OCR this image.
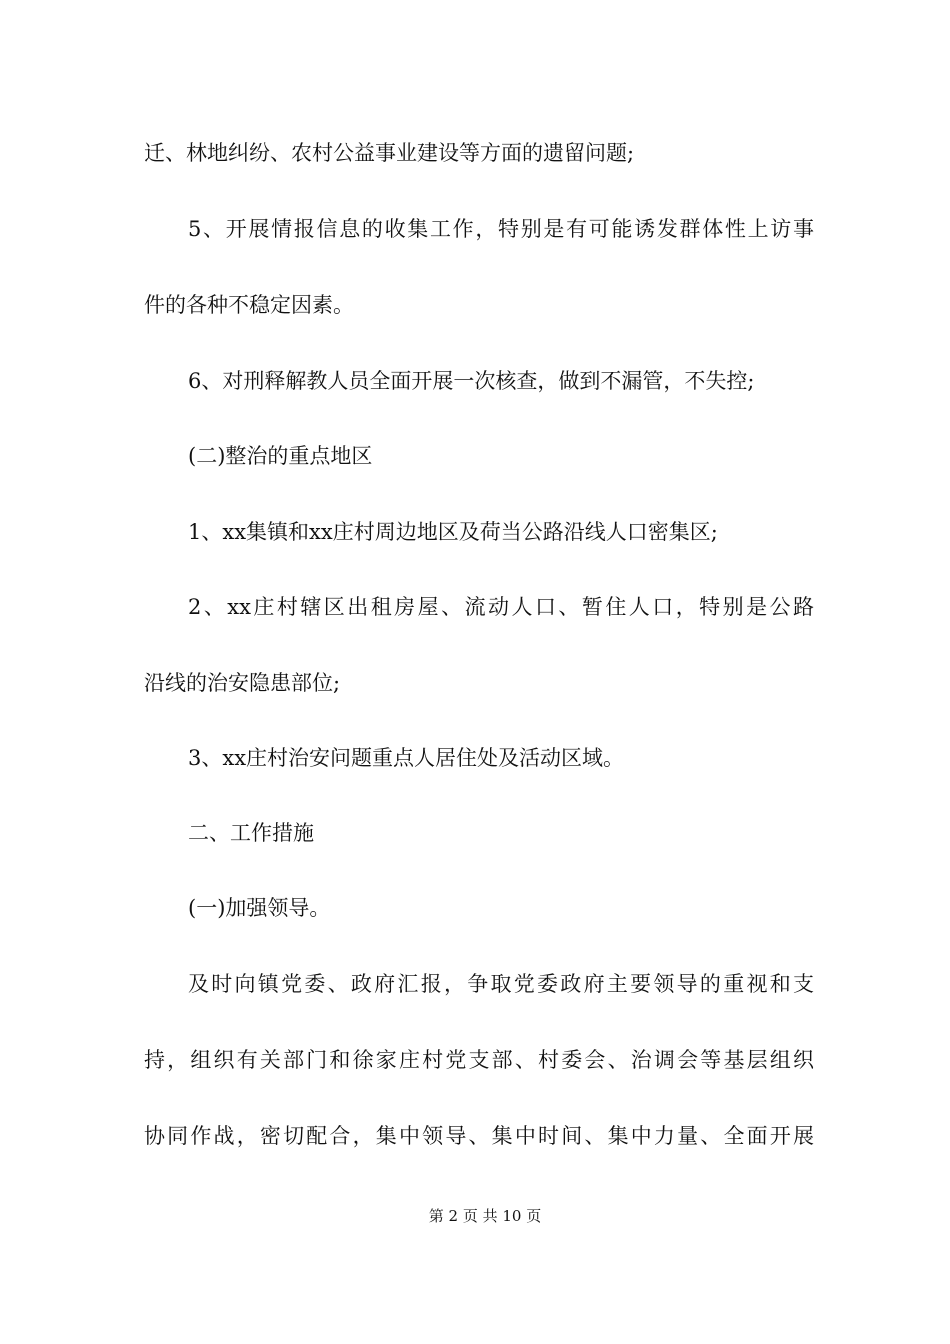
迁、林地纠纷、农村公益事业建设等方面的遗留问题;
5、开展情报信息的收集工作，特别是有可能诱发群体性上访事
件的各种不稳定因素。
6、对刑释解教人员全面开展一次核查，做到不漏管，不失控;
(二)整治的重点地区
1、xx集镇和xx庄村周边地区及荷当公路沿线人口密集区;
2、xx庄村辖区出租房屋、流动人口、暂住人口，特别是公路
沿线的治安隐患部位;
3、xx庄村治安问题重点人居住处及活动区域。
二、工作措施
(一)加强领导。
及时向镇党委、政府汇报，争取党委政府主要领导的重视和支
持，组织有关部门和徐家庄村党支部、村委会、治调会等基层组织
协同作战，密切配合，集中领导、集中时间、集中力量、全面开展
第 2 页 共 10 页
